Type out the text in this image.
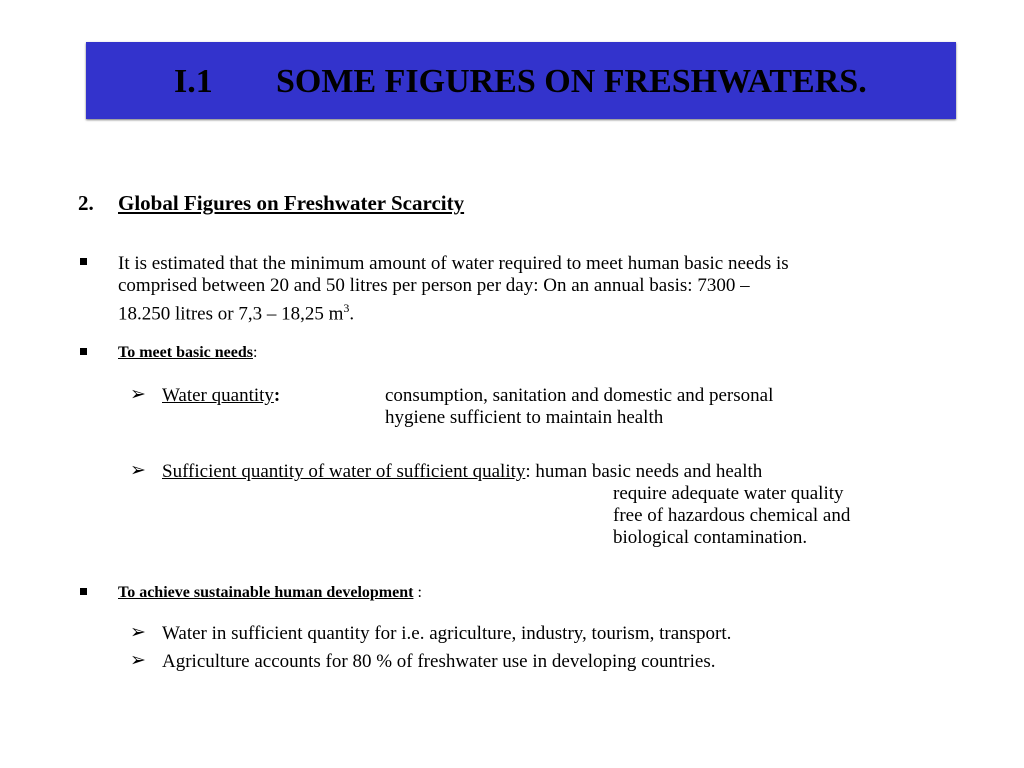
I.1 SOME FIGURES ON FRESHWATERS.
2. Global Figures on Freshwater Scarcity
It is estimated that the minimum amount of water required to meet human basic needs is
comprised between 20 and 50 litres per person per day: On an annual basis: 7300 –
18.250 litres or 7,3 – 18,25 $m^3$.
To meet basic needs:
➢ Water quantity:	consumption, sanitation and domestic and personal
hygiene sufficient to maintain health
➢ Sufficient quantity of water of sufficient quality: human basic needs and health
require adequate water quality
free of hazardous chemical and
biological contamination.
To achieve sustainable human development :
➢ Water in sufficient quantity for i.e. agriculture, industry, tourism, transport.
➢ Agriculture accounts for 80 % of freshwater use in developing countries.
